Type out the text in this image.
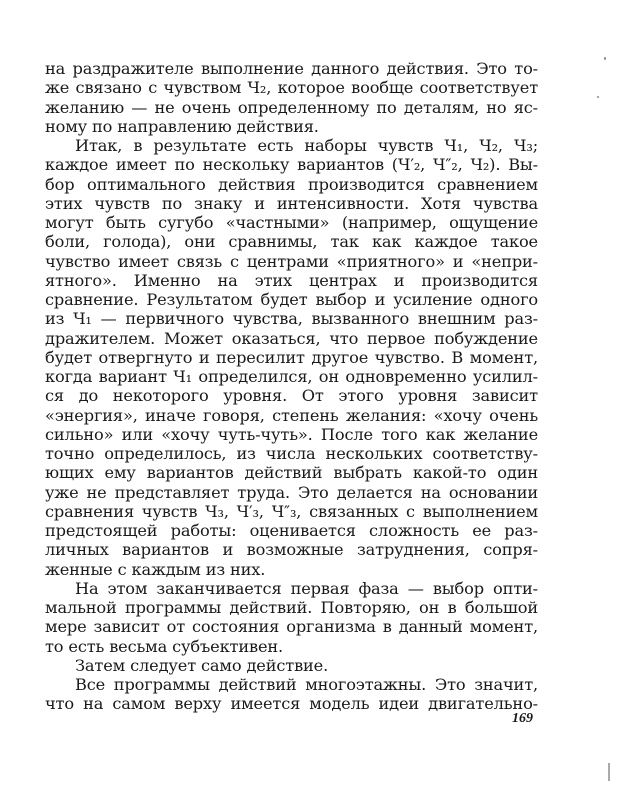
на раздражителе выполнение данного действия. Это то-
же связано с чувством Ч₂, которое вообще соответствует
желанию — не очень определенному по деталям, но яс-
ному по направлению действия.
Итак, в результате есть наборы чувств Ч₁, Ч₂, Ч₃;
каждое имеет по нескольку вариантов (Ч′₂, Ч″₂, Ч₂). Вы-
бор оптимального действия производится сравнением
этих чувств по знаку и интенсивности. Хотя чувства
могут быть сугубо «частными» (например, ощущение
боли, голода), они сравнимы, так как каждое такое
чувство имеет связь с центрами «приятного» и «непри-
ятного». Именно на этих центрах и производится
сравнение. Результатом будет выбор и усиление одного
из Ч₁ — первичного чувства, вызванного внешним раз-
дражителем. Может оказаться, что первое побуждение
будет отвергнуто и пересилит другое чувство. В момент,
когда вариант Ч₁ определился, он одновременно усилил-
ся до некоторого уровня. От этого уровня зависит
«энергия», иначе говоря, степень желания: «хочу очень
сильно» или «хочу чуть-чуть». После того как желание
точно определилось, из числа нескольких соответству-
ющих ему вариантов действий выбрать какой-то один
уже не представляет труда. Это делается на основании
сравнения чувств Ч₃, Ч′₃, Ч″₃, связанных с выполнением
предстоящей работы: оценивается сложность ее раз-
личных вариантов и возможные затруднения, сопря-
женные с каждым из них.
На этом заканчивается первая фаза — выбор опти-
мальной программы действий. Повторяю, он в большой
мере зависит от состояния организма в данный момент,
то есть весьма субъективен.
Затем следует само действие.
Все программы действий многоэтажны. Это значит,
что на самом верху имеется модель идеи двигательно-
169
